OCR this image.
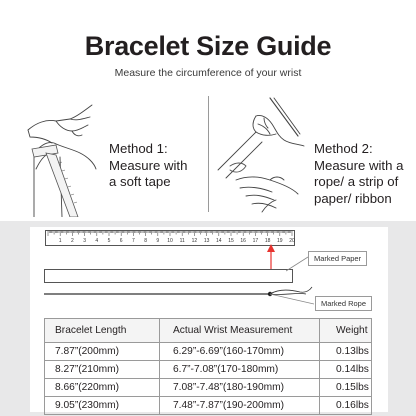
Bracelet Size Guide
Measure the circumference of your wrist
Method 1:
Measure with
a soft tape
Method 2:
Measure with a
rope/ a strip of
paper/ ribbon
1 2 3 4 5 6 7 8 9 10 11 12 13 14 15 16 17 18 19 20
Marked Paper
Marked Rope
Bracelet Length	Actual Wrist Measurement	Weight
7.87”(200mm)	6.29”-6.69”(160-170mm)	0.13lbs
8.27”(210mm)	6.7”-7.08”(170-180mm)	0.14lbs
8.66”(220mm)	7.08”-7.48”(180-190mm)	0.15lbs
9.05”(230mm)	7.48”-7.87”(190-200mm)	0.16lbs
